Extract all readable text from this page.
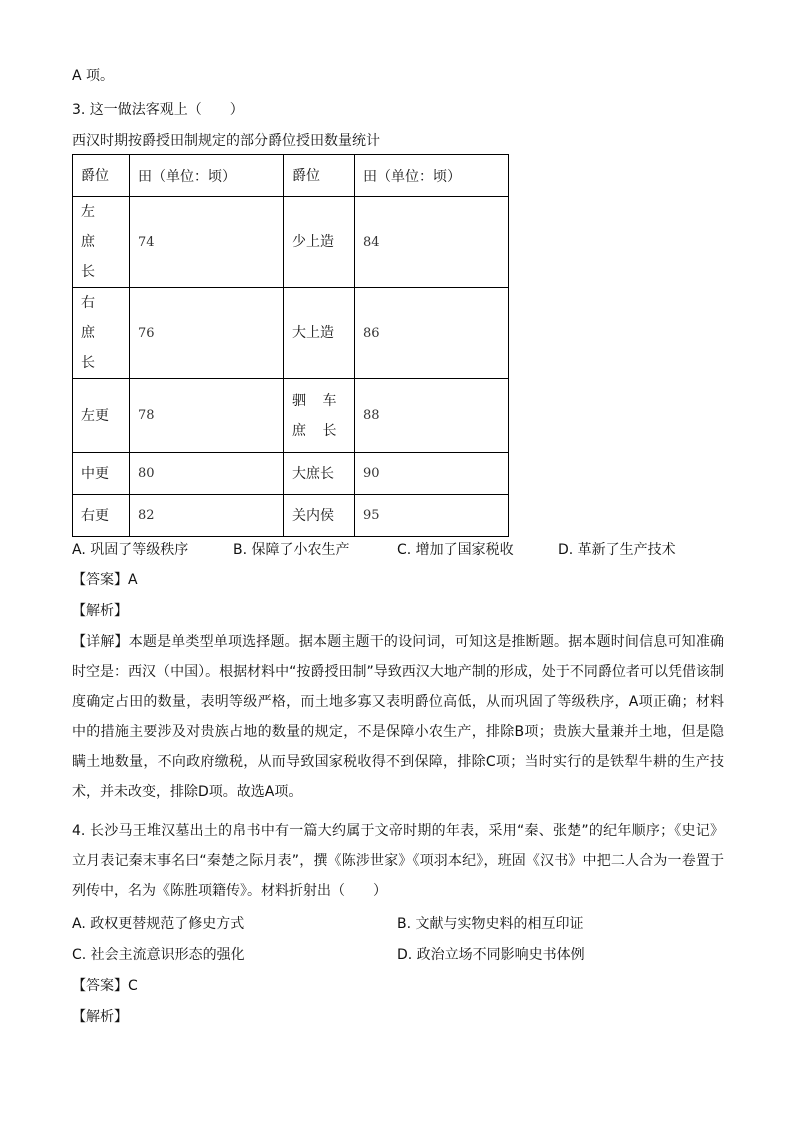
A 项。
3. 这一做法客观上（　　）
西汉时期按爵授田制规定的部分爵位授田数量统计
爵位	田（单位：顷）	爵位	田（单位：顷）
左 庶 长	74	少上造	84
右 庶 长	76	大上造	86
左更	78	驷 车 庶 长	88
中更	80	大庶长	90
右更	82	关内侯	95
A. 巩固了等级秩序	B. 保障了小农生产	C. 增加了国家税收	D. 革新了生产技术
【答案】A
【解析】
【详解】本题是单类型单项选择题。据本题主题干的设问词，可知这是推断题。据本题时间信息可知准确时空是：西汉（中国）。根据材料中“按爵授田制”导致西汉大地产制的形成，处于不同爵位者可以凭借该制度确定占田的数量，表明等级严格，而土地多寡又表明爵位高低，从而巩固了等级秩序，A项正确；材料中的措施主要涉及对贵族占地的数量的规定，不是保障小农生产，排除B项；贵族大量兼并土地，但是隐瞒土地数量，不向政府缴税，从而导致国家税收得不到保障，排除C项；当时实行的是铁犁牛耕的生产技术，并未改变，排除D项。故选A项。
4. 长沙马王堆汉墓出土的帛书中有一篇大约属于文帝时期的年表，采用“秦、张楚”的纪年顺序；《史记》立月表记秦末事名曰“秦楚之际月表”，撰《陈涉世家》《项羽本纪》，班固《汉书》中把二人合为一卷置于列传中，名为《陈胜项籍传》。材料折射出（　　）
A. 政权更替规范了修史方式	B. 文献与实物史料的相互印证
C. 社会主流意识形态的强化	D. 政治立场不同影响史书体例
【答案】C
【解析】
